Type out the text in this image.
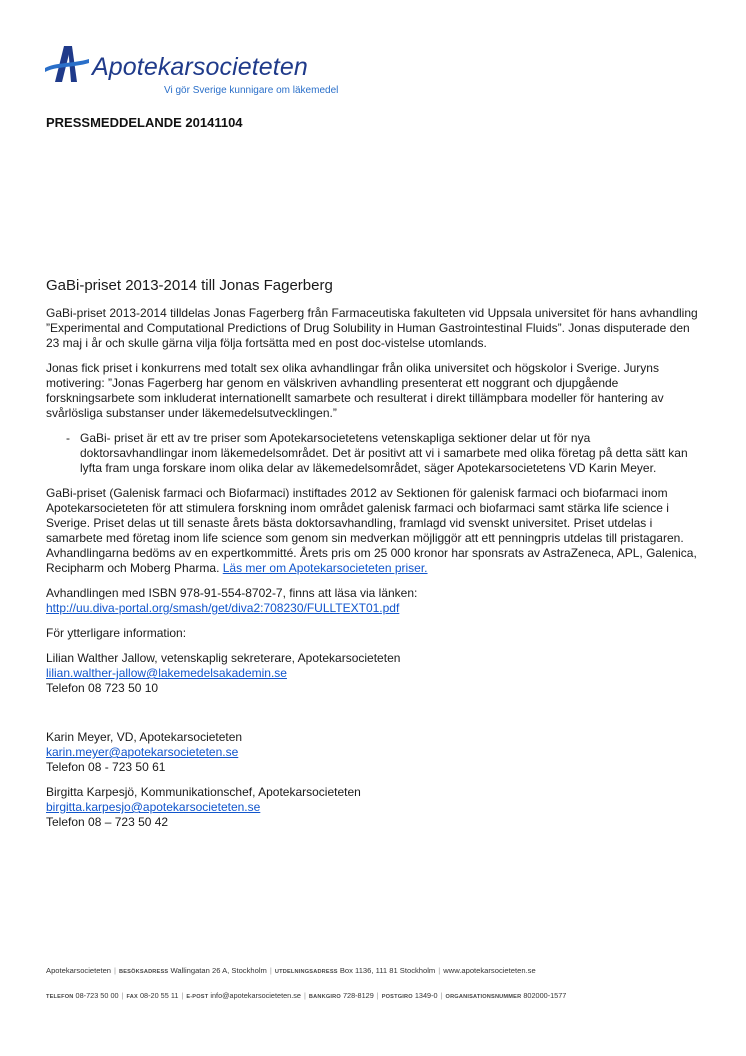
Apotekarsocieteten
Vi gör Sverige kunnigare om läkemedel
PRESSMEDDELANDE 20141104
GaBi-priset 2013-2014 till Jonas Fagerberg

GaBi-priset 2013-2014 tilldelas Jonas Fagerberg från Farmaceutiska fakulteten vid Uppsala universitet för hans avhandling ”Experimental and Computational Predictions of Drug Solubility in Human Gastrointestinal Fluids”. Jonas disputerade den 23 maj i år och skulle gärna vilja följa fortsätta med en post doc-vistelse utomlands.

Jonas fick priset i konkurrens med totalt sex olika avhandlingar från olika universitet och högskolor i Sverige. Juryns motivering: ”Jonas Fagerberg har genom en välskriven avhandling presenterat ett noggrant och djupgående forskningsarbete som inkluderat internationellt samarbete och resulterat i direkt tillämpbara modeller för hantering av svårlösliga substanser under läkemedelsutvecklingen.”

- GaBi- priset är ett av tre priser som Apotekarsocietetens vetenskapliga sektioner delar ut för nya doktorsavhandlingar inom läkemedelsområdet. Det är positivt att vi i samarbete med olika företag på detta sätt kan lyfta fram unga forskare inom olika delar av läkemedelsområdet, säger Apotekarsocietetens VD Karin Meyer.

GaBi-priset (Galenisk farmaci och Biofarmaci) instiftades 2012 av Sektionen för galenisk farmaci och biofarmaci inom Apotekarsocieteten för att stimulera forskning inom området galenisk farmaci och biofarmaci samt stärka life science i Sverige. Priset delas ut till senaste årets bästa doktorsavhandling, framlagd vid svenskt universitet. Priset utdelas i samarbete med företag inom life science som genom sin medverkan möjliggör att ett penningpris utdelas till pristagaren. Avhandlingarna bedöms av en expertkommitté. Årets pris om 25 000 kronor har sponsrats av AstraZeneca, APL, Galenica, Recipharm och Moberg Pharma. Läs mer om Apotekarsocieteten priser.

Avhandlingen med ISBN 978-91-554-8702-7, finns att läsa via länken:
http://uu.diva-portal.org/smash/get/diva2:708230/FULLTEXT01.pdf

För ytterligare information:

Lilian Walther Jallow, vetenskaplig sekreterare, Apotekarsocieteten
lilian.walther-jallow@lakemedelsakademin.se
Telefon 08 723 50 10
Karin Meyer, VD, Apotekarsocieteten
karin.meyer@apotekarsocieteten.se
Telefon 08 - 723 50 61
Birgitta Karpesjö, Kommunikationschef, Apotekarsocieteten
birgitta.karpesjo@apotekarsocieteten.se
Telefon 08 – 723 50 42
Apotekarsocieteten | BESÖKSADRESS Wallingatan 26 A, Stockholm | UTDELNINGSADRESS Box 1136, 111 81 Stockholm | www.apotekarsocieteten.se
TELEFON 08-723 50 00 | FAX 08-20 55 11 | E-POST info@apotekarsocieteten.se | BANKGIRO 728-8129 | POSTGIRO 1349-0 | ORGANISATIONSNUMMER 802000-1577
